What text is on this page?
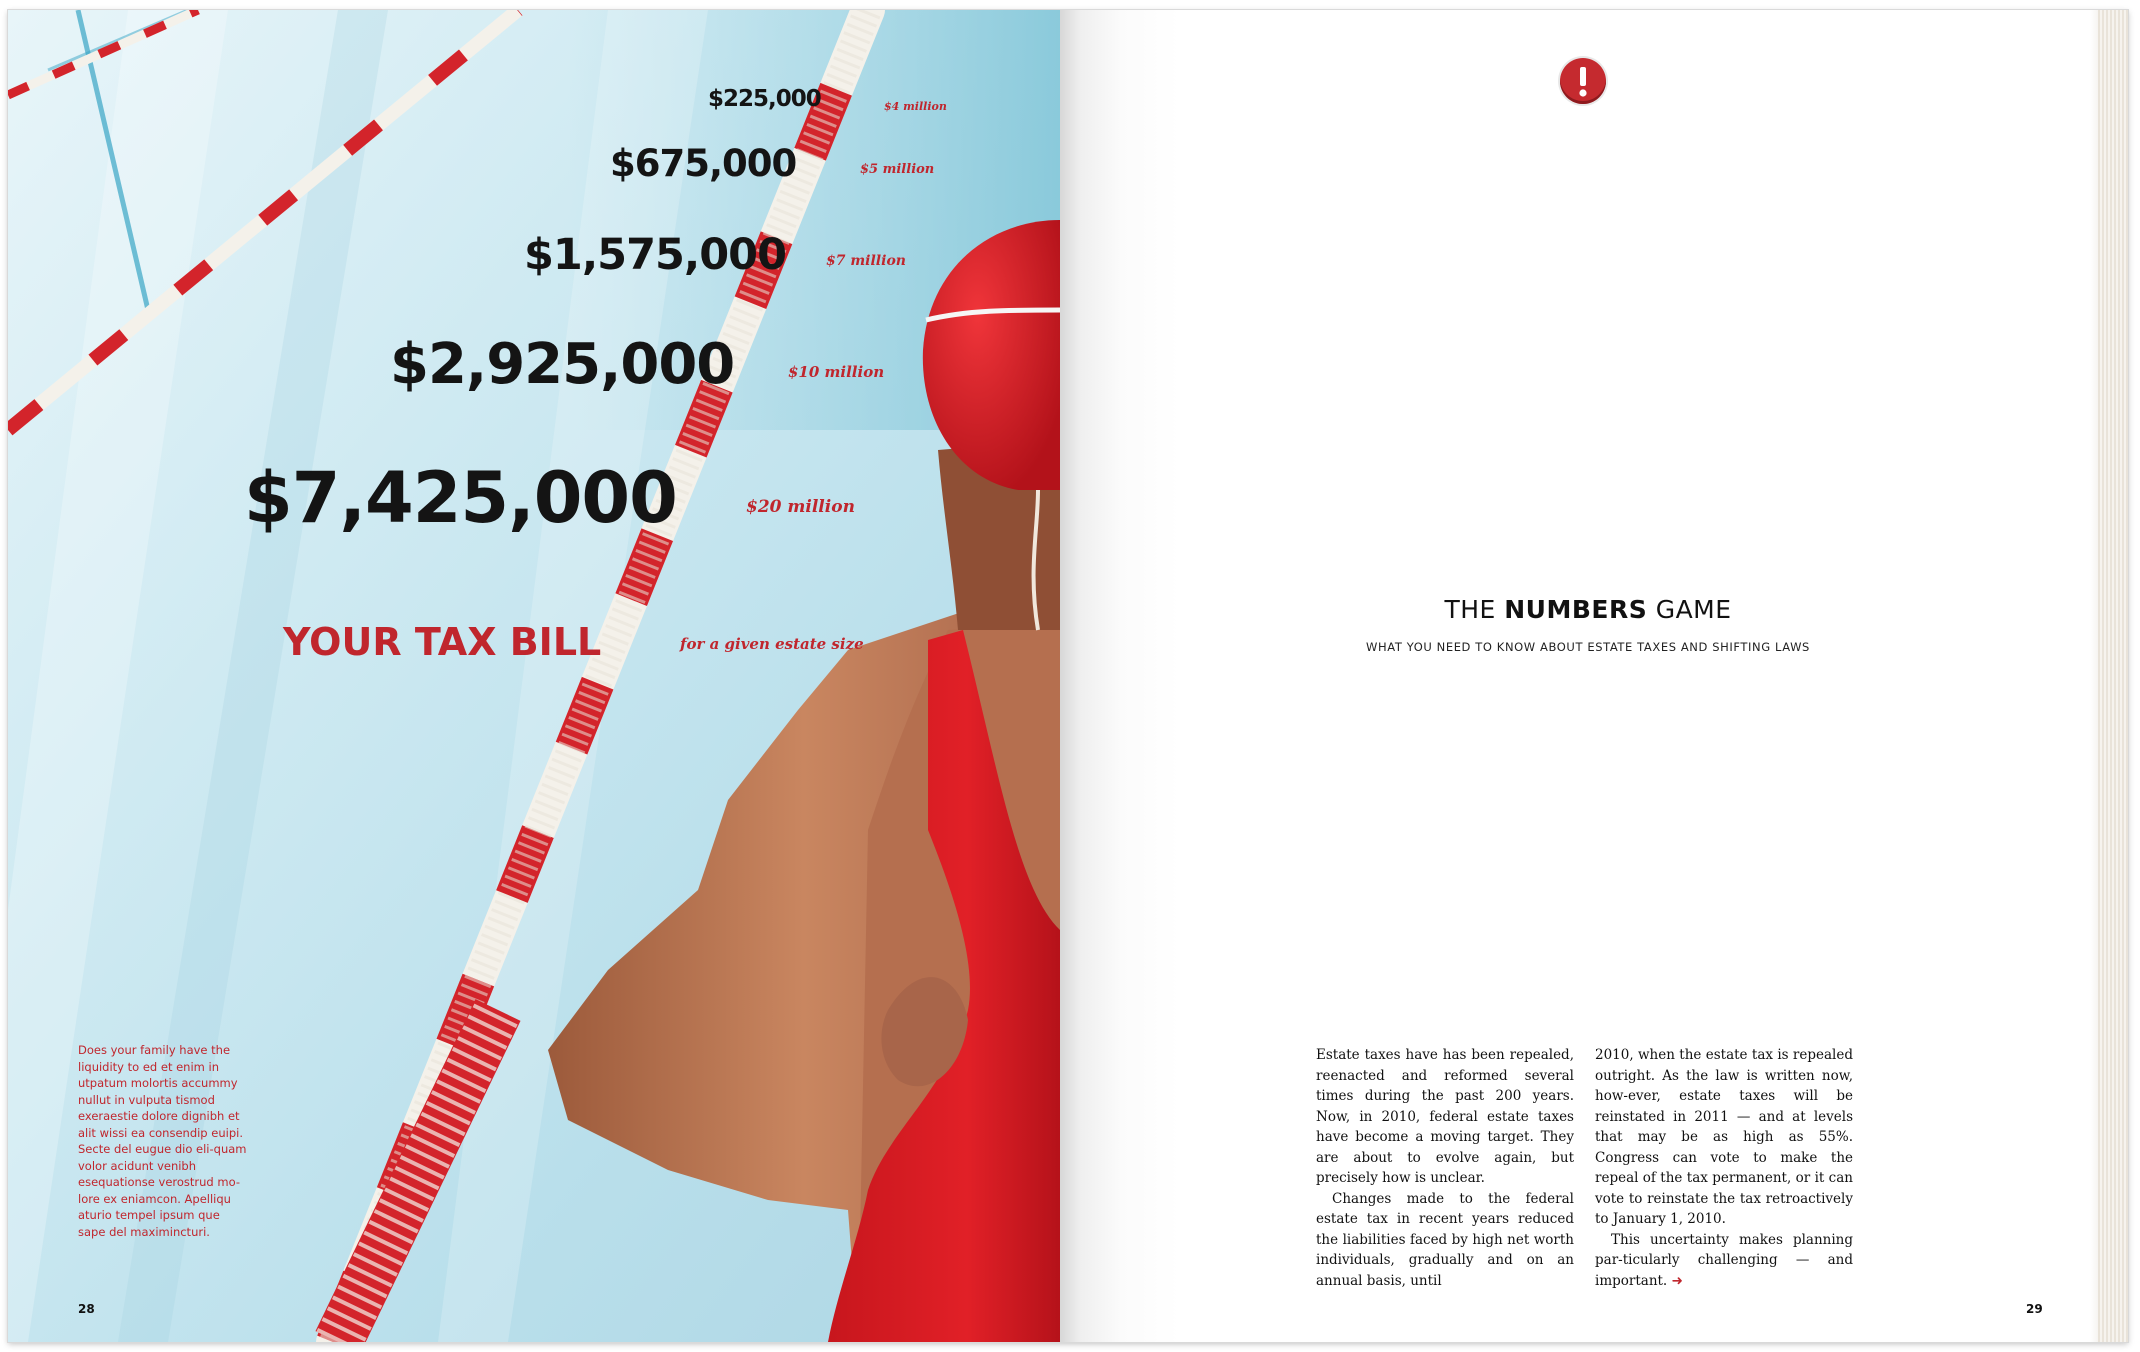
$225,000	$4 million
$675,000	$5 million
$1,575,000	$7 million
$2,925,000	$10 million
$7,425,000	$20 million
YOUR TAX BILL	for a given estate size
Does your family have the liquidity to ed et enim in utpatum molortis accummy nullut in vulputa tismod exeraestie dolore dignibh et alit wissi ea consendip euipi. Secte del eugue dio eli-quam volor acidunt venibh esequationse verostrud mo-lore ex eniamcon. Apelliqu aturio tempel ipsum que sape del maximincturi.
28
THE NUMBERS GAME
WHAT YOU NEED TO KNOW ABOUT ESTATE TAXES AND SHIFTING LAWS

Estate taxes have has been repealed, reenacted and reformed several times during the past 200 years. Now, in 2010, federal estate taxes have become a moving target. They are about to evolve again, but precisely how is unclear.

Changes made to the federal estate tax in recent years reduced the liabilities faced by high net worth individuals, gradually and on an annual basis, until

2010, when the estate tax is repealed outright. As the law is written now, how-ever, estate taxes will be reinstated in 2011 — and at levels that may be as high as 55%. Congress can vote to make the repeal of the tax permanent, or it can vote to reinstate the tax retroactively to January 1, 2010.

This uncertainty makes planning par-ticularly challenging — and important. ➜

29
